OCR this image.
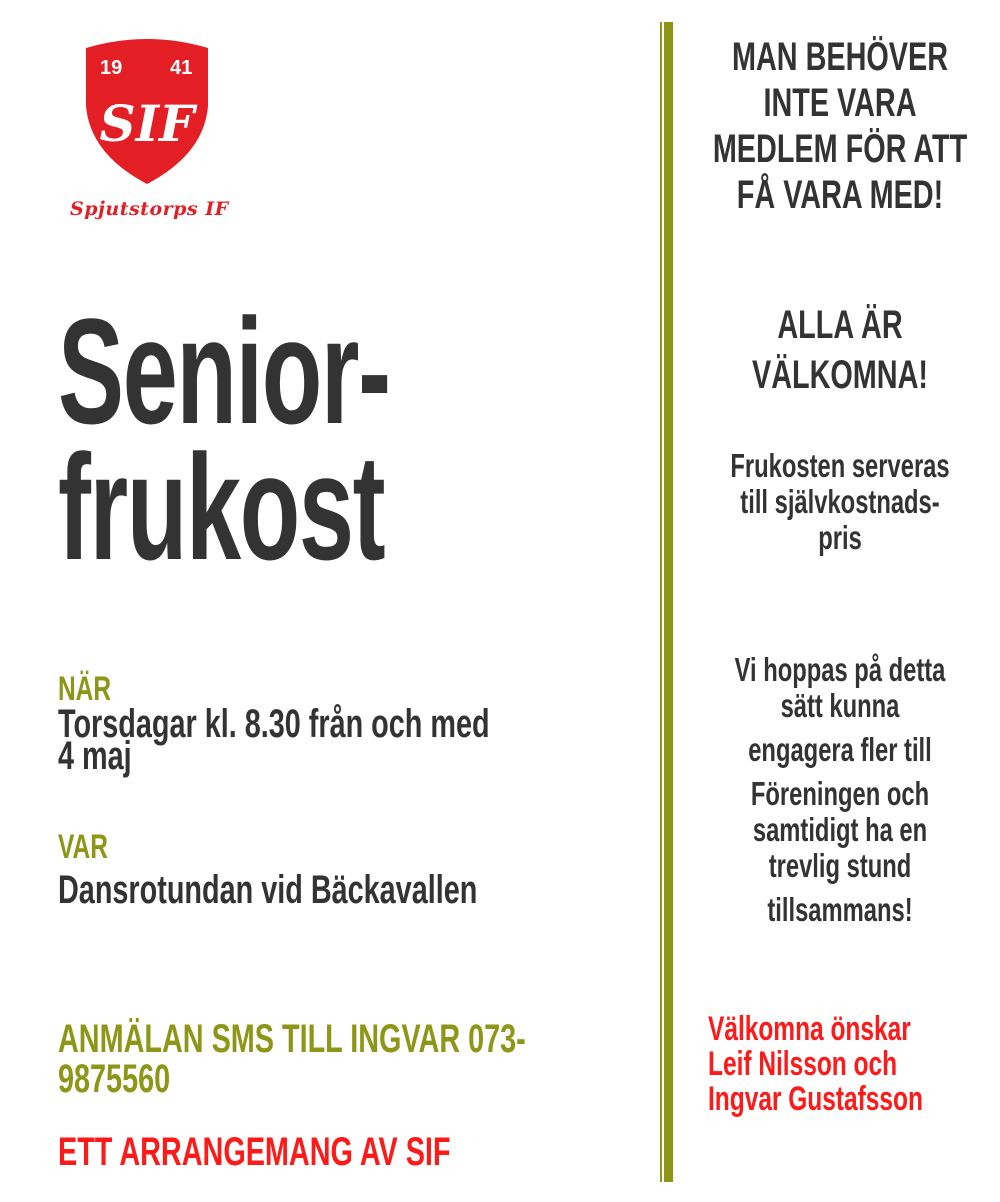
19 41
SIF
Spjutstorps IF
Senior-
frukost
NÄR
Torsdagar kl. 8.30 från och med
4 maj
VAR
Dansrotundan vid Bäckavallen
ANMÄLAN SMS TILL INGVAR 073-
9875560
ETT ARRANGEMANG AV SIF
MAN BEHÖVER
INTE VARA
MEDLEM FÖR ATT
FÅ VARA MED!
ALLA ÄR
VÄLKOMNA!
Frukosten serveras
till självkostnads-
pris
Vi hoppas på detta
sätt kunna
engagera fler till
Föreningen och
samtidigt ha en
trevlig stund
tillsammans!
Välkomna önskar
Leif Nilsson och
Ingvar Gustafsson
